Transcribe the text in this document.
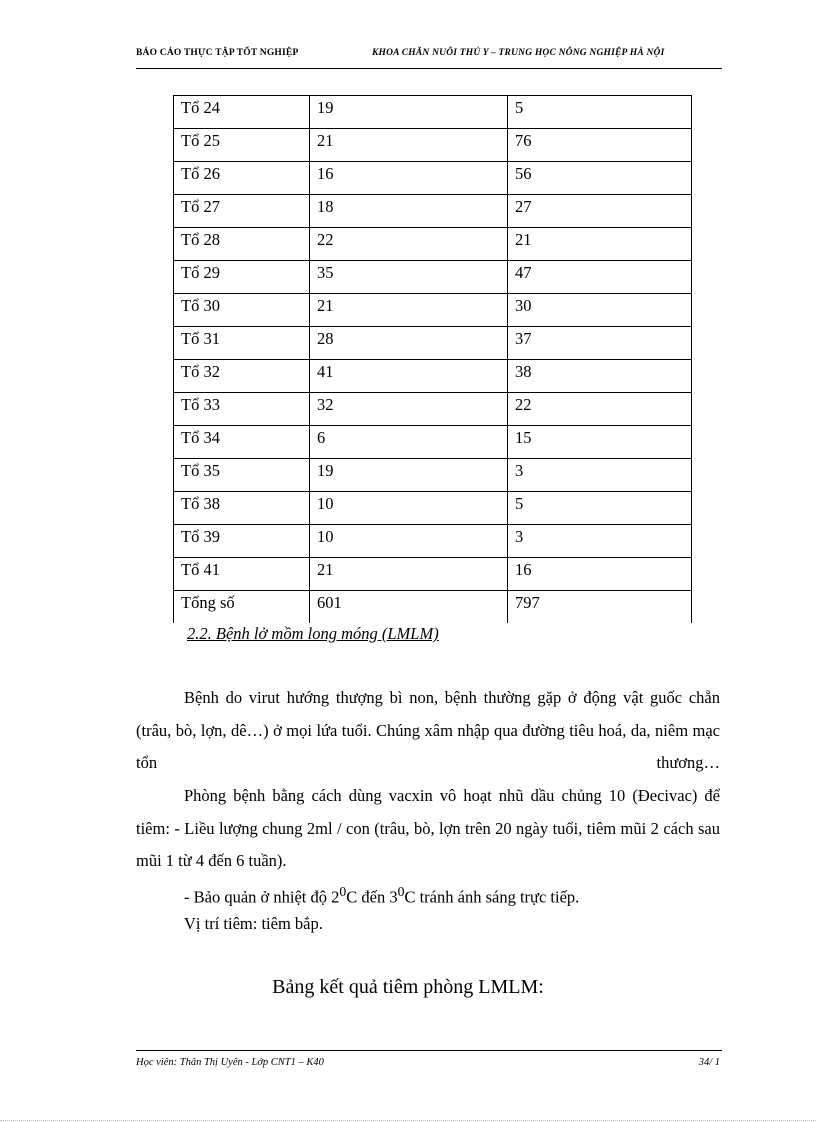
BÁO CÁO THỰC TẬP TỐT NGHIỆP	KHOA CHĂN NUÔI THÚ Y – TRUNG HỌC NÔNG NGHIỆP HÀ NỘI
Tổ 24	19	5
Tổ 25	21	76
Tổ 26	16	56
Tổ 27	18	27
Tổ 28	22	21
Tổ 29	35	47
Tổ 30	21	30
Tổ 31	28	37
Tổ 32	41	38
Tổ 33	32	22
Tổ 34	6	15
Tổ 35	19	3
Tổ 38	10	5
Tổ 39	10	3
Tổ 41	21	16
Tổng số	601	797
2.2. Bệnh lở mồm long móng (LMLM)

Bệnh do virut hướng thượng bì non, bệnh thường gặp ở động vật guốc chẵn (trâu, bò, lợn, dê…) ở mọi lứa tuổi. Chúng xâm nhập qua đường tiêu hoá, da, niêm mạc tổn thương…

Phòng bệnh bằng cách dùng vacxin vô hoạt nhũ dầu chủng 10 (Đecivac) để tiêm: - Liều lượng chung 2ml / con (trâu, bò, lợn trên 20 ngày tuổi, tiêm mũi 2 cách sau mũi 1 từ 4 đến 6 tuần).

- Bảo quản ở nhiệt độ $2^0C$ đến $3^0C$ tránh ánh sáng trực tiếp.

Vị trí tiêm: tiêm bắp.

Bảng kết quả tiêm phòng LMLM:
Học viên: Thân Thị Uyên - Lớp CNT1 – K40	34/ 1
